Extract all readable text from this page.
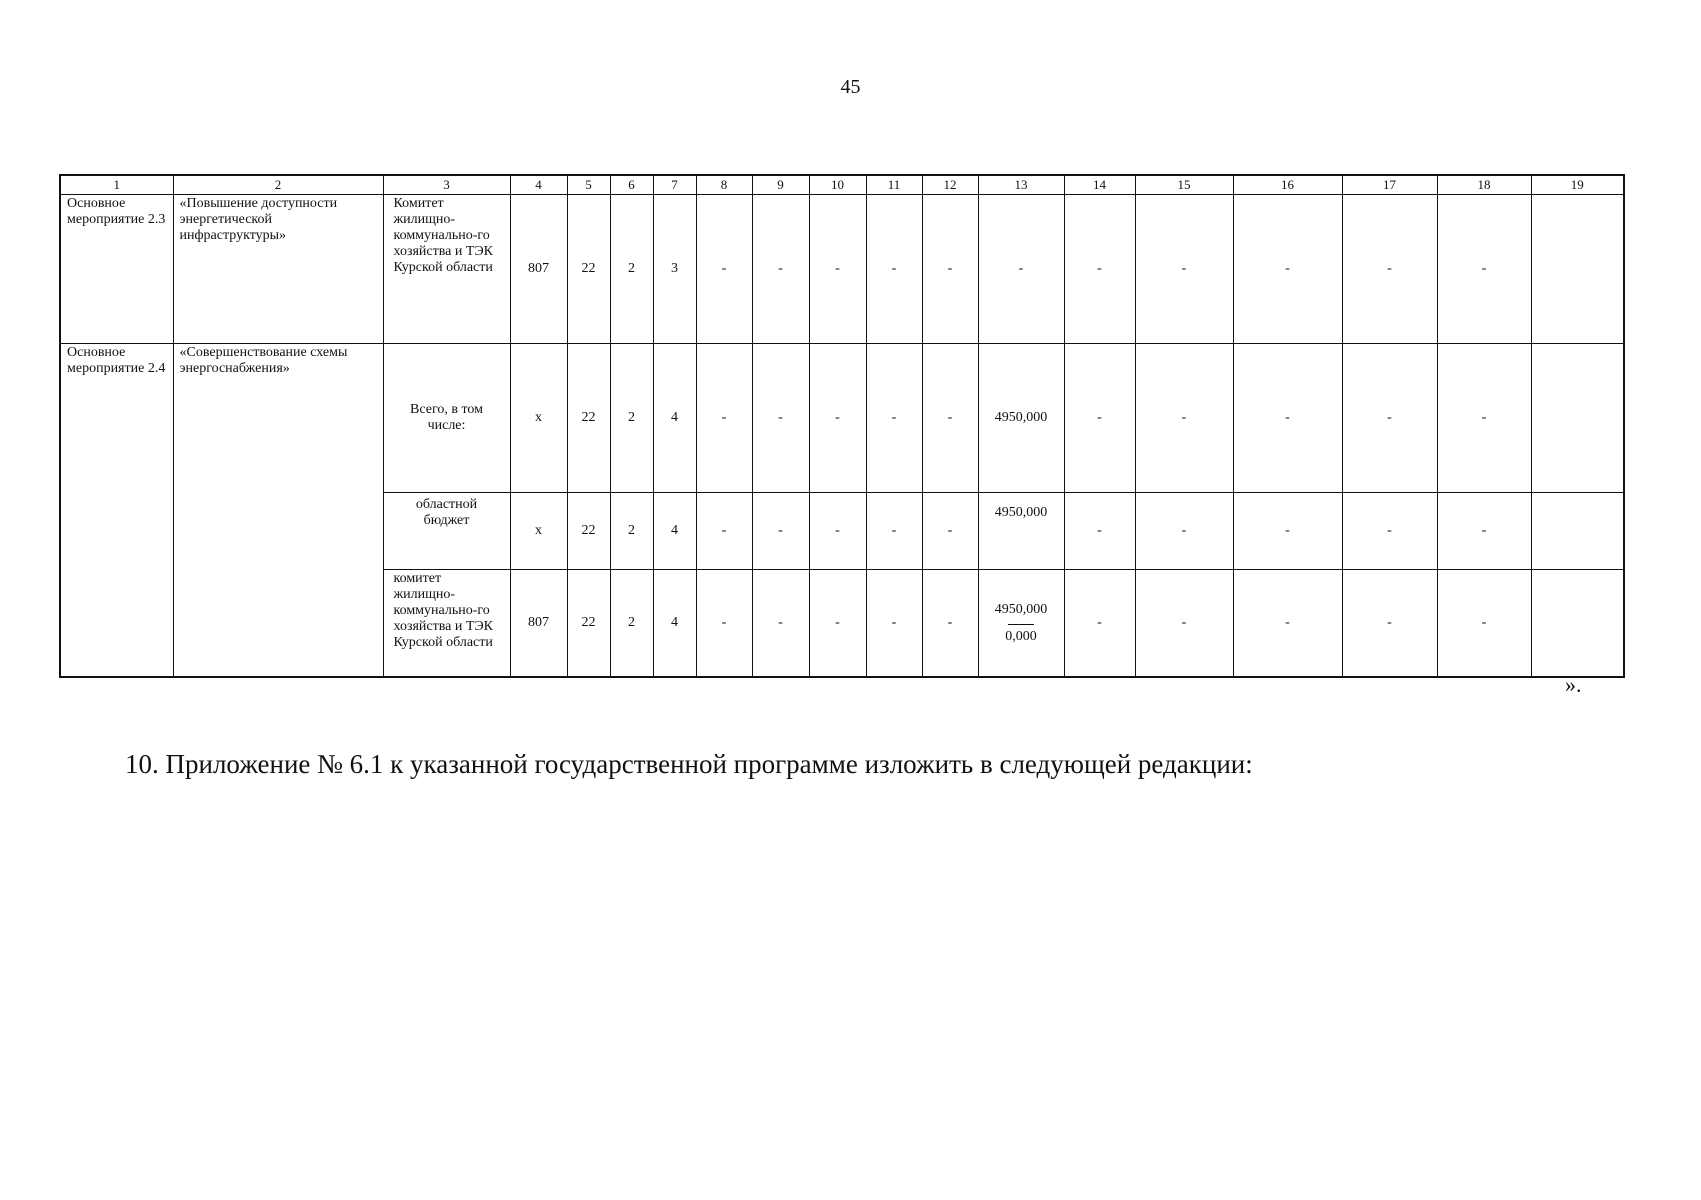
45
1	2	3	4	5	6	7	8	9	10	11	12	13	14	15	16	17	18	19
Основное мероприятие 2.3	«Повышение доступности энергетической инфраструктуры»	Комитет жилищно-коммунально-го хозяйства и ТЭК Курской области	807	22	2	3	-	-	-	-	-	-	-	-	-	-	-	
Основное мероприятие 2.4	«Совершенствование схемы энергоснабжения»	Всего, в том числе:	x	22	2	4	-	-	-	-	-	4950,000	-	-	-	-	-	
		областной бюджет	x	22	2	4	-	-	-	-	-	4950,000	-	-	-	-	-	
		комитет жилищно-коммунально-го хозяйства и ТЭК Курской области	807	22	2	4	-	-	-	-	-	$\frac{4950,000}{0,000}$	-	-	-	-	-	
».
10. Приложение № 6.1 к указанной государственной программе изложить в следующей редакции:
